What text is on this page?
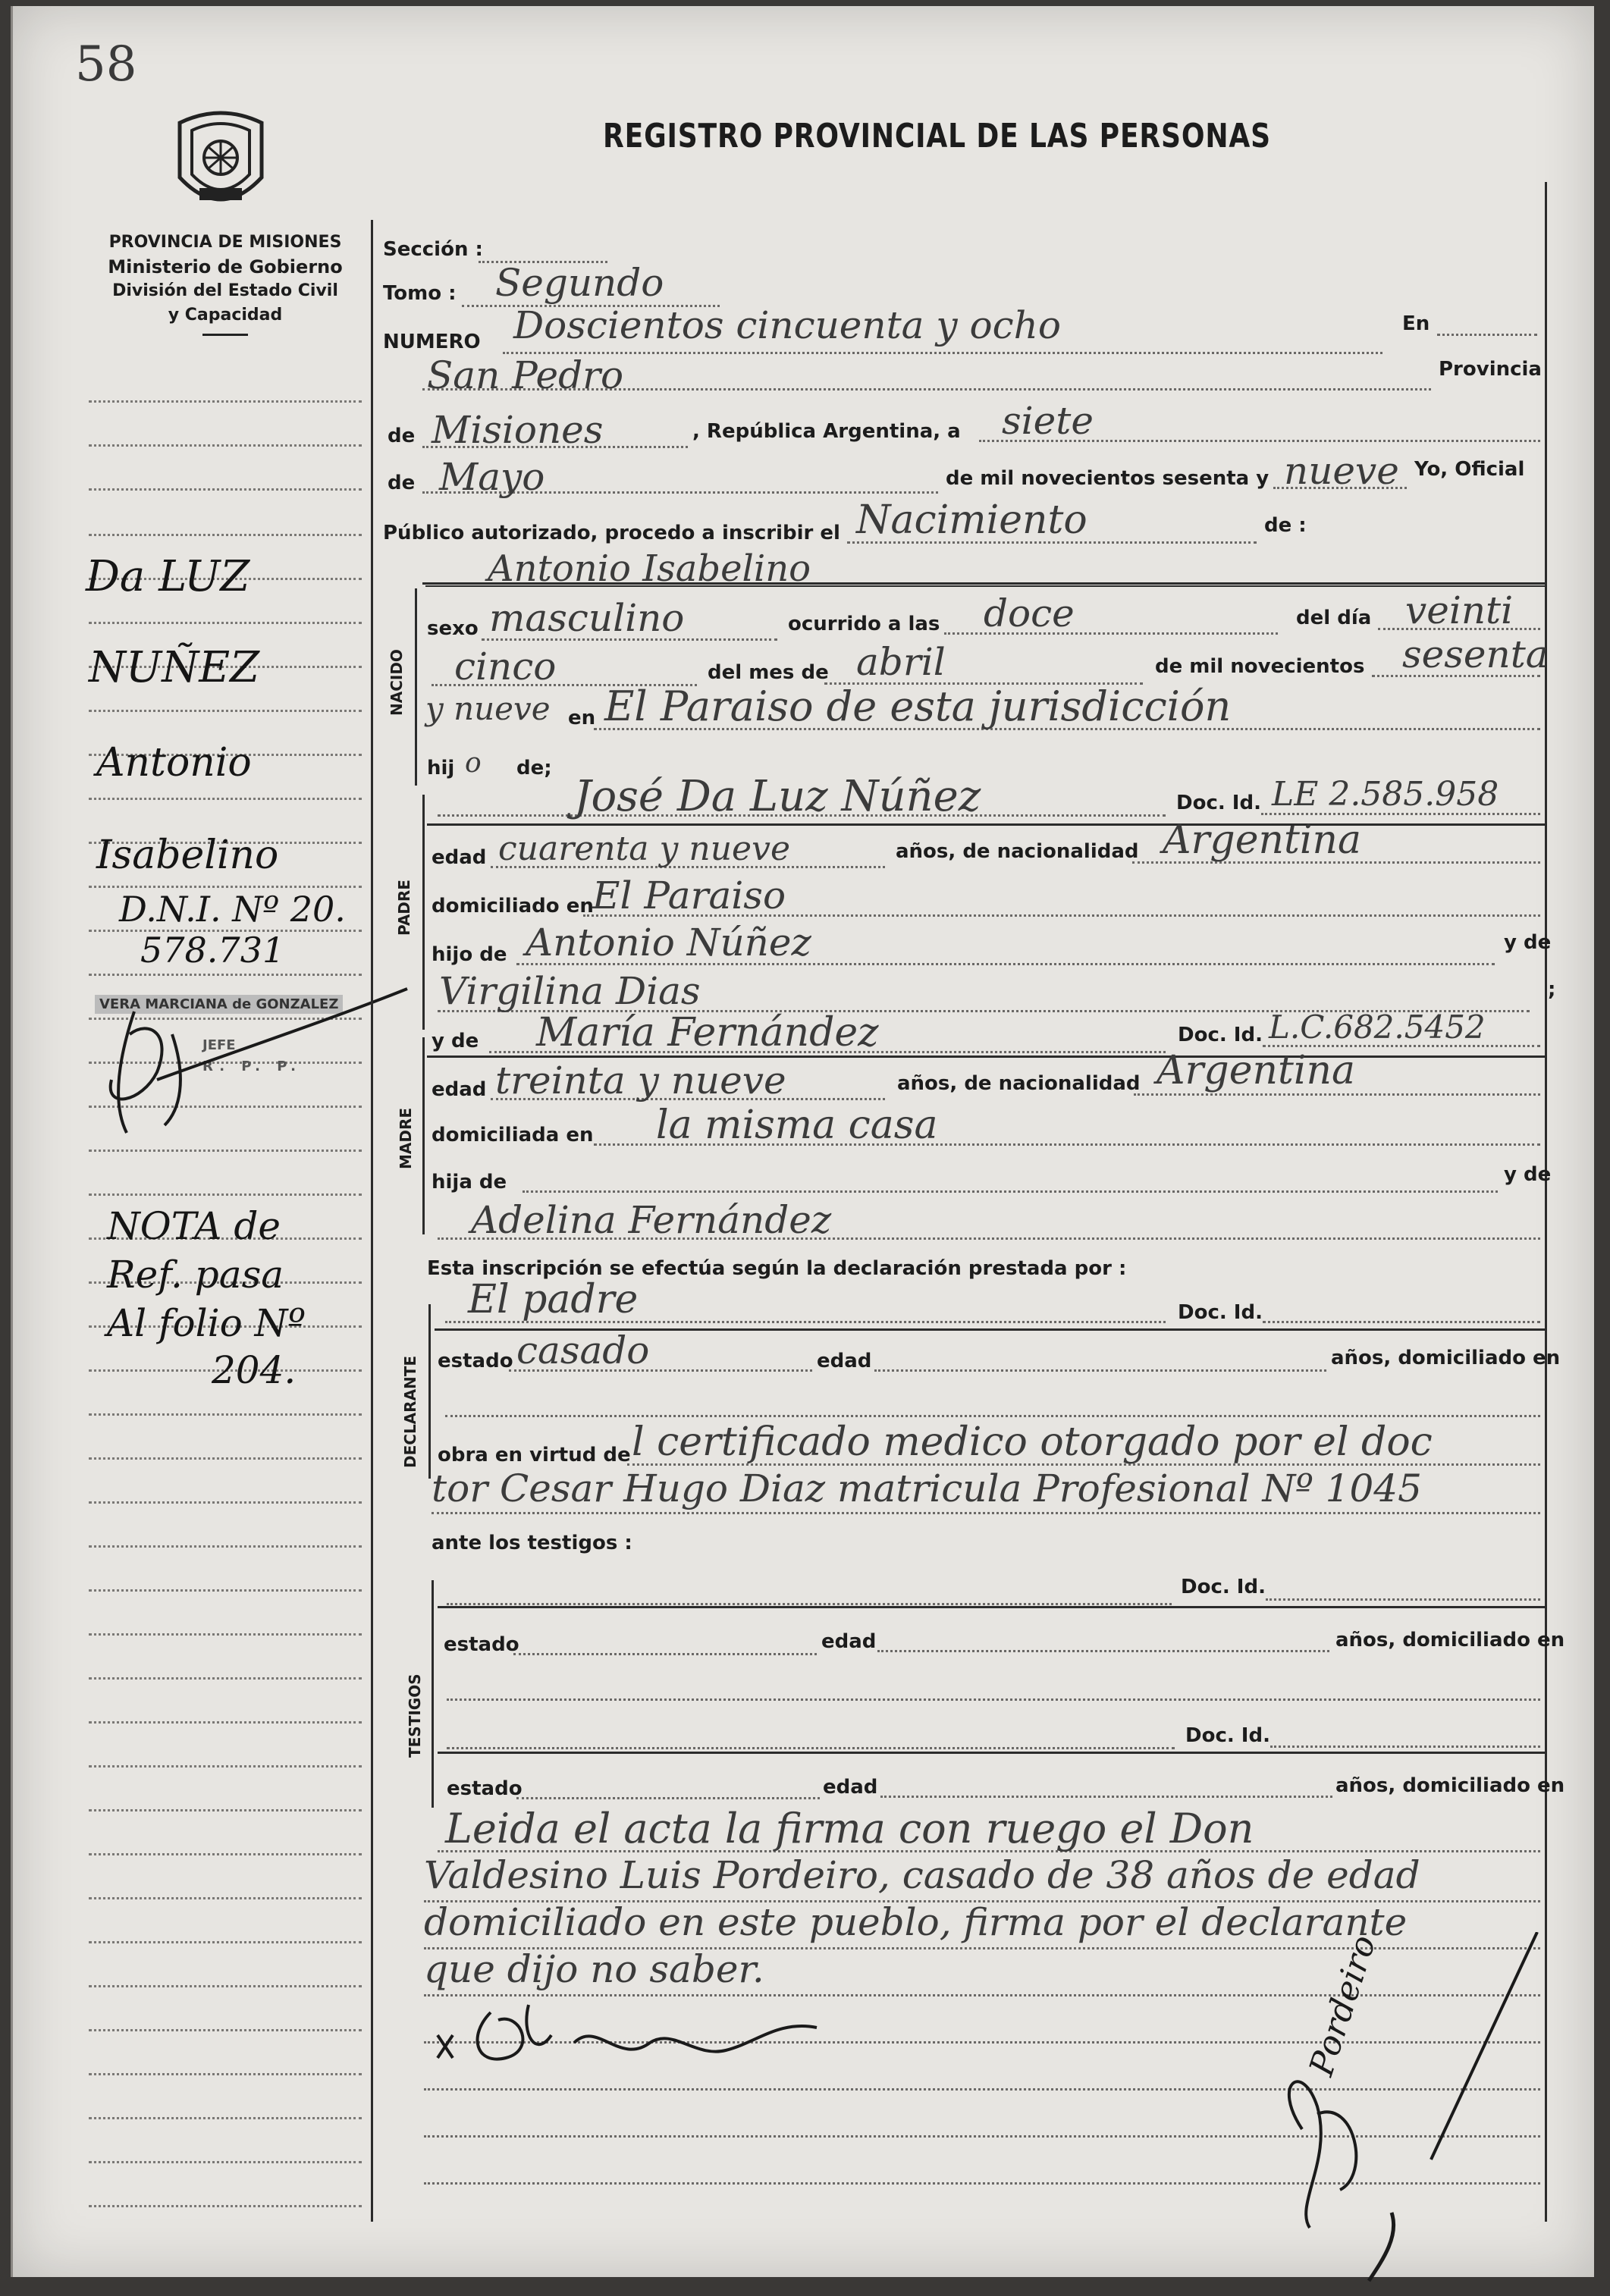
58
PROVINCIA DE MISIONES
Ministerio de Gobierno
División del Estado Civil
y Capacidad
REGISTRO PROVINCIAL DE LAS PERSONAS
Da LUZ
NUÑEZ
Antonio
Isabelino
D.N.I. Nº 20.
578.731
VERA MARCIANA de GONZALEZ
JEFE
R. P. P.
NOTA de
Ref. pasa
Al folio Nº
204.
Sección :
Tomo : Segundo
NUMERO Doscientos cincuenta y ocho	En
San Pedro	Provincia
de Misiones	, República Argentina, a siete
de Mayo	de mil novecientos sesenta y nueve Yo, Oficial
Público autorizado, procedo a inscribir el Nacimiento	de :
Antonio Isabelino
NACIDO
sexo masculino	ocurrido a las doce	del día veinti
cinco	del mes de abril	de mil novecientos sesenta
y nueve en El Paraiso de esta jurisdicción
hij o de;
PADRE
José Da Luz Núñez	Doc. Id. LE 2.585.958
edad cuarenta y nueve	años, de nacionalidad Argentina
domiciliado en
El Paraiso
hijo de Antonio Núñez	y de
Virgilina Dias	;
MADRE
y de María Fernández	Doc. Id. L.C.682.5452
edad treinta y nueve	años, de nacionalidad Argentina
domiciliada en la misma casa
hija de	y de
Adelina Fernández
Esta inscripción se efectúa según la declaración prestada por :
DECLARANTE
El padre	Doc. Id.
estado casado	edad	años, domiciliado en
obra en virtud de l certificado medico otorgado por el doc
tor Cesar Hugo Diaz matricula Profesional Nº 1045
ante los testigos :
TESTIGOS
Doc. Id.
estado	edad	años, domiciliado en
Doc. Id.
estado	edad	años, domiciliado en
Leida el acta la firma con ruego el Don
Valdesino Luis Pordeiro, casado de 38 años de edad
domiciliado en este pueblo, firma por el declarante
que dijo no saber.	Pordeiro
